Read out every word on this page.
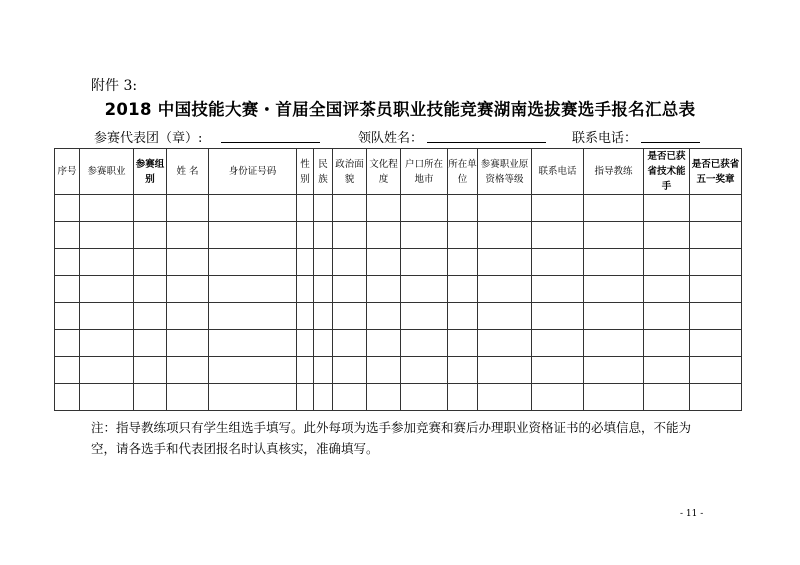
附件 3:
2018 中国技能大赛・首届全国评茶员职业技能竞赛湖南选拔赛选手报名汇总表
参赛代表团（章）:	领队姓名：	联系电话：
序号	参赛职业	参赛组别	姓 名	身份证号码	性别	民族	政治面貌	文化程度	户口所在地市	所在单位	参赛职业原资格等级	联系电话	指导教练	是否已获省技术能手	是否已获省五一奖章

注：指导教练项只有学生组选手填写。此外每项为选手参加竞赛和赛后办理职业资格证书的必填信息，不能为空，请各选手和代表团报名时认真核实，准确填写。
- 11 -
